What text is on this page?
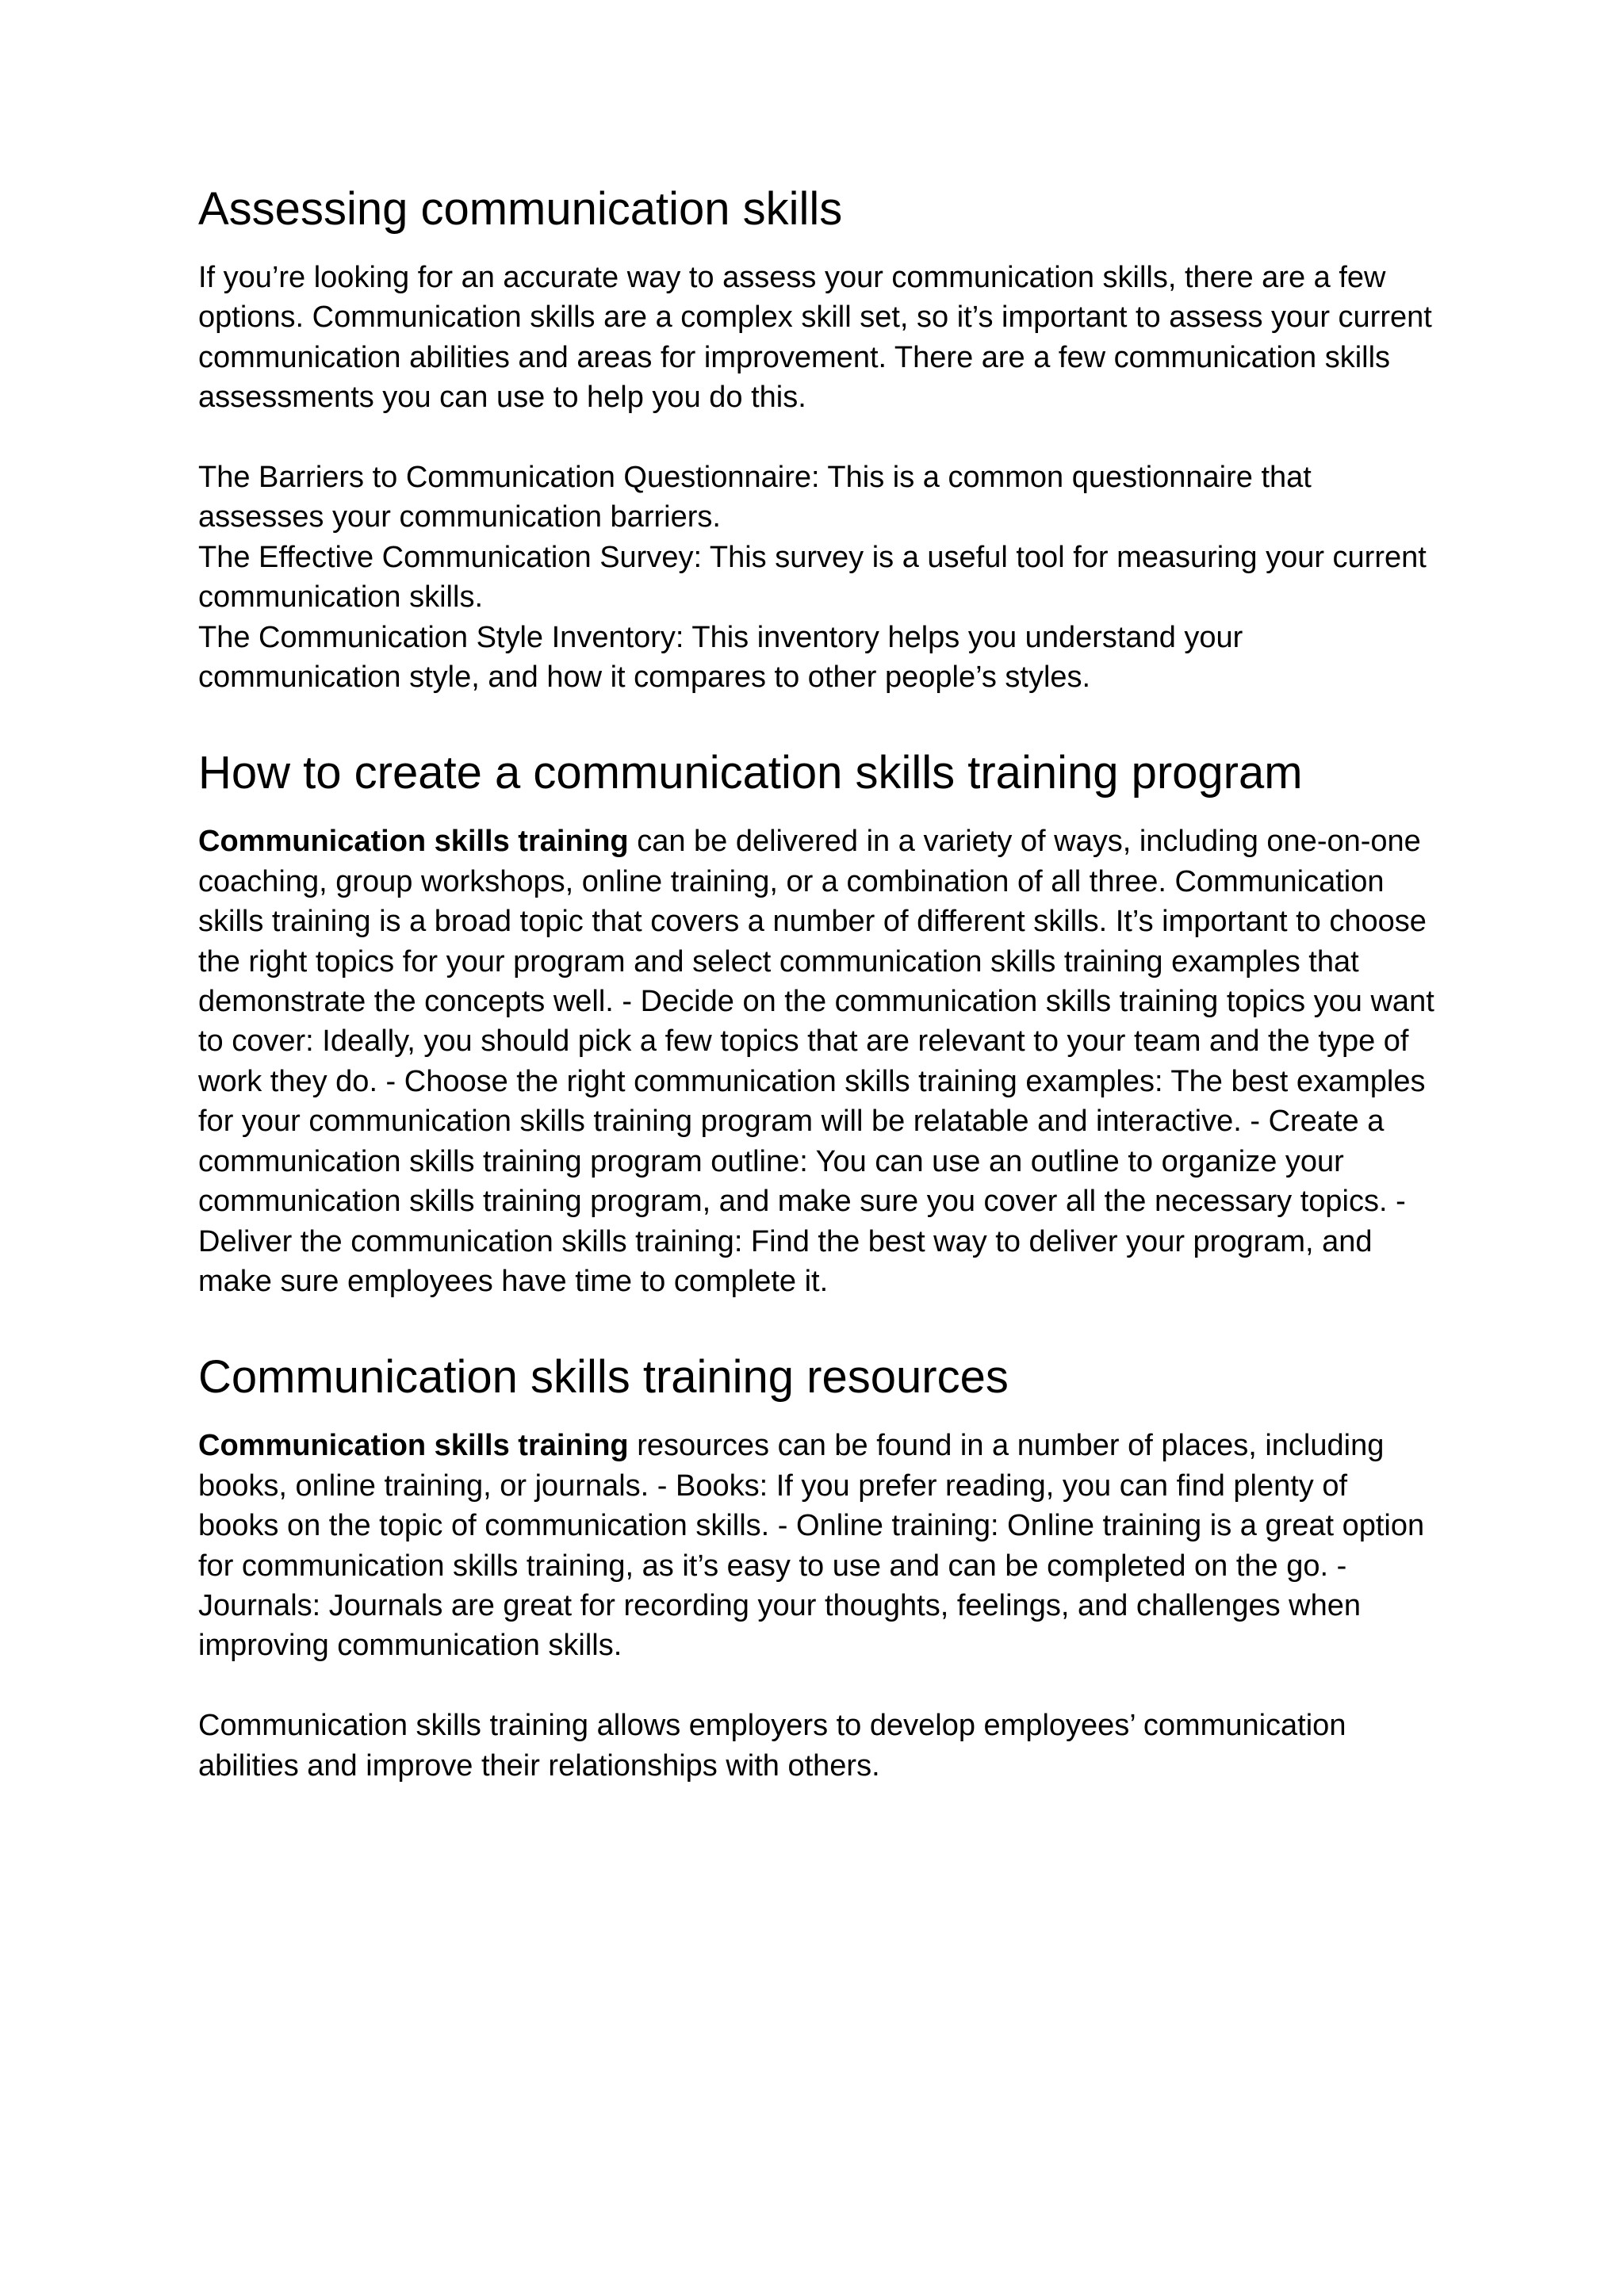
Assessing communication skills

If you’re looking for an accurate way to assess your communication skills, there are a few
options. Communication skills are a complex skill set, so it’s important to assess your current
communication abilities and areas for improvement. There are a few communication skills
assessments you can use to help you do this.

The Barriers to Communication Questionnaire: This is a common questionnaire that
assesses your communication barriers.
The Effective Communication Survey: This survey is a useful tool for measuring your current
communication skills.
The Communication Style Inventory: This inventory helps you understand your
communication style, and how it compares to other people’s styles.

How to create a communication skills training program

Communication skills training can be delivered in a variety of ways, including one-on-one
coaching, group workshops, online training, or a combination of all three. Communication
skills training is a broad topic that covers a number of different skills. It’s important to choose
the right topics for your program and select communication skills training examples that
demonstrate the concepts well. - Decide on the communication skills training topics you want
to cover: Ideally, you should pick a few topics that are relevant to your team and the type of
work they do. - Choose the right communication skills training examples: The best examples
for your communication skills training program will be relatable and interactive. - Create a
communication skills training program outline: You can use an outline to organize your
communication skills training program, and make sure you cover all the necessary topics. -
Deliver the communication skills training: Find the best way to deliver your program, and
make sure employees have time to complete it.

Communication skills training resources

Communication skills training resources can be found in a number of places, including
books, online training, or journals. - Books: If you prefer reading, you can find plenty of
books on the topic of communication skills. - Online training: Online training is a great option
for communication skills training, as it’s easy to use and can be completed on the go. -
Journals: Journals are great for recording your thoughts, feelings, and challenges when
improving communication skills.

Communication skills training allows employers to develop employees’ communication
abilities and improve their relationships with others.
